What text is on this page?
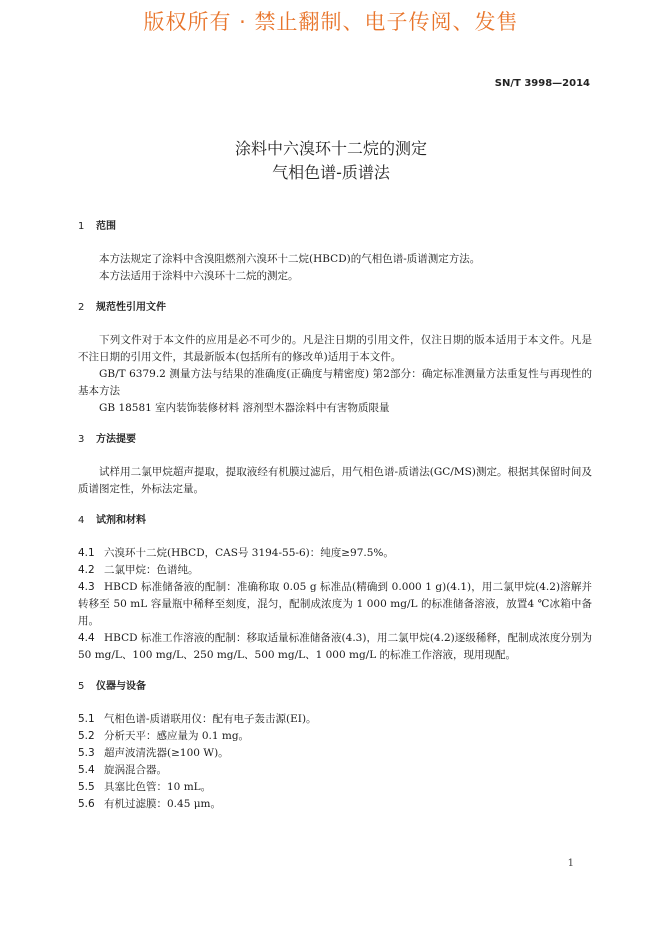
版权所有 · 禁止翻制、电子传阅、发售
SN/T 3998—2014
涂料中六溴环十二烷的测定
气相色谱-质谱法
1 范围

本方法规定了涂料中含溴阻燃剂六溴环十二烷(HBCD)的气相色谱-质谱测定方法。

本方法适用于涂料中六溴环十二烷的测定。

2 规范性引用文件

下列文件对于本文件的应用是必不可少的。凡是注日期的引用文件，仅注日期的版本适用于本文件。凡是不注日期的引用文件，其最新版本(包括所有的修改单)适用于本文件。

GB/T 6379.2 测量方法与结果的准确度(正确度与精密度) 第2部分：确定标准测量方法重复性与再现性的基本方法

GB 18581 室内装饰装修材料 溶剂型木器涂料中有害物质限量

3 方法提要

试样用二氯甲烷超声提取，提取液经有机膜过滤后，用气相色谱-质谱法(GC/MS)测定。根据其保留时间及质谱图定性，外标法定量。

4 试剂和材料

4.1 六溴环十二烷(HBCD，CAS号 3194-55-6)：纯度≥97.5%。

4.2 二氯甲烷：色谱纯。

4.3 HBCD 标准储备液的配制：准确称取 0.05 g 标准品(精确到 0.000 1 g)(4.1)，用二氯甲烷(4.2)溶解并转移至 50 mL 容量瓶中稀释至刻度，混匀，配制成浓度为 1 000 mg/L 的标准储备溶液，放置4 ℃冰箱中备用。

4.4 HBCD 标准工作溶液的配制：移取适量标准储备液(4.3)，用二氯甲烷(4.2)逐级稀释，配制成浓度分别为 50 mg/L、100 mg/L、250 mg/L、500 mg/L、1 000 mg/L 的标准工作溶液，现用现配。

5 仪器与设备

5.1 气相色谱-质谱联用仪：配有电子轰击源(EI)。

5.2 分析天平：感应量为 0.1 mg。

5.3 超声波清洗器(≥100 W)。

5.4 旋涡混合器。

5.5 具塞比色管：10 mL。

5.6 有机过滤膜：0.45 μm。

1
